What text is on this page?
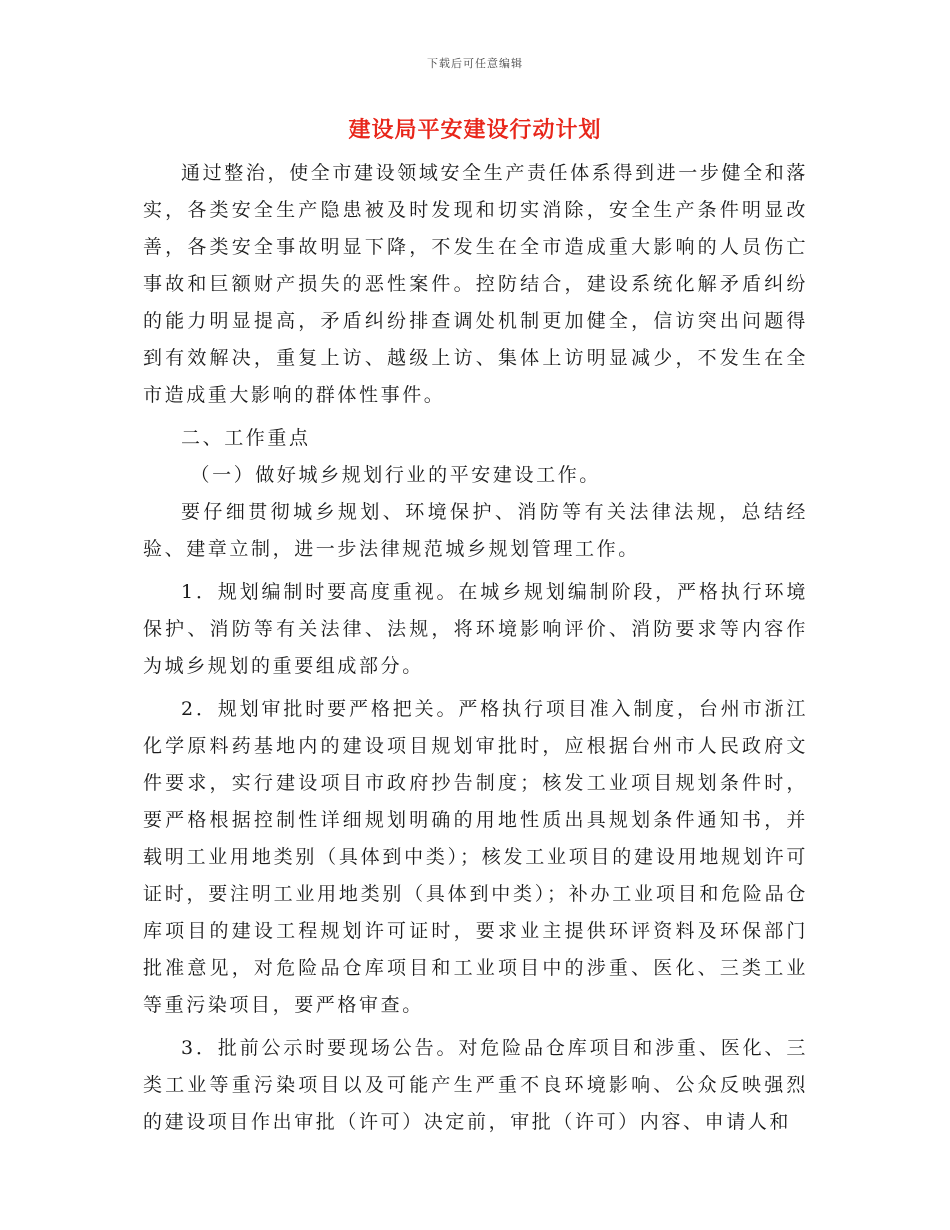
下载后可任意编辑
建设局平安建设行动计划

通过整治，使全市建设领域安全生产责任体系得到进一步健全和落实，各类安全生产隐患被及时发现和切实消除，安全生产条件明显改善，各类安全事故明显下降，不发生在全市造成重大影响的人员伤亡事故和巨额财产损失的恶性案件。控防结合，建设系统化解矛盾纠纷的能力明显提高，矛盾纠纷排查调处机制更加健全，信访突出问题得到有效解决，重复上访、越级上访、集体上访明显减少，不发生在全市造成重大影响的群体性事件。

二、工作重点

（一）做好城乡规划行业的平安建设工作。

要仔细贯彻城乡规划、环境保护、消防等有关法律法规，总结经验、建章立制，进一步法律规范城乡规划管理工作。

1．规划编制时要高度重视。在城乡规划编制阶段，严格执行环境保护、消防等有关法律、法规，将环境影响评价、消防要求等内容作为城乡规划的重要组成部分。

2．规划审批时要严格把关。严格执行项目准入制度，台州市浙江化学原料药基地内的建设项目规划审批时，应根据台州市人民政府文件要求，实行建设项目市政府抄告制度；核发工业项目规划条件时，要严格根据控制性详细规划明确的用地性质出具规划条件通知书，并载明工业用地类别（具体到中类）；核发工业项目的建设用地规划许可证时，要注明工业用地类别（具体到中类）；补办工业项目和危险品仓库项目的建设工程规划许可证时，要求业主提供环评资料及环保部门批准意见，对危险品仓库项目和工业项目中的涉重、医化、三类工业等重污染项目，要严格审查。

3．批前公示时要现场公告。对危险品仓库项目和涉重、医化、三类工业等重污染项目以及可能产生严重不良环境影响、公众反映强烈的建设项目作出审批（许可）决定前，审批（许可）内容、申请人和
